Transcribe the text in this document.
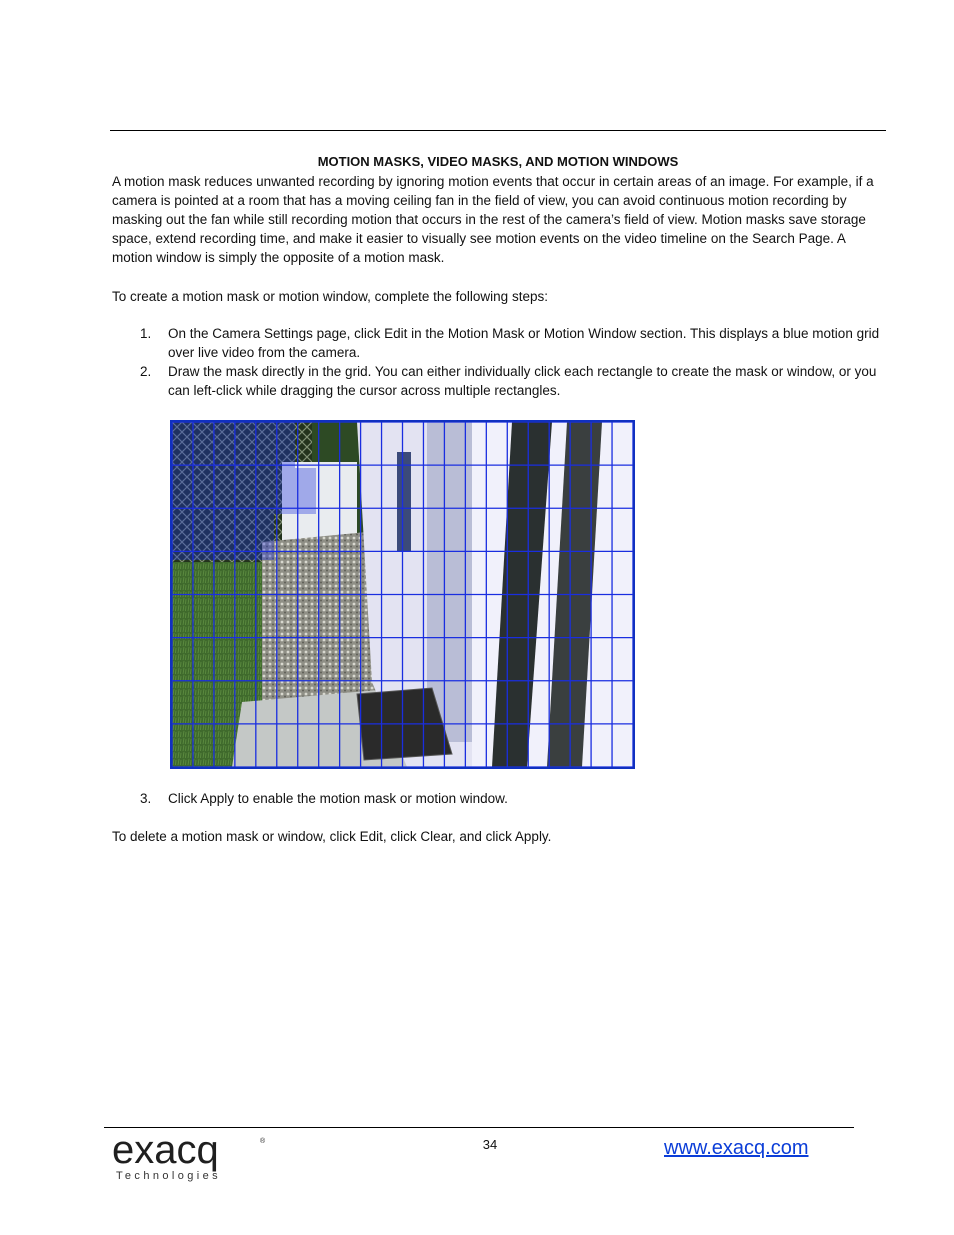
MOTION MASKS, VIDEO MASKS, AND MOTION WINDOWS

A motion mask reduces unwanted recording by ignoring motion events that occur in certain areas of an image. For example, if a camera is pointed at a room that has a moving ceiling fan in the field of view, you can avoid continuous motion recording by masking out the fan while still recording motion that occurs in the rest of the camera’s field of view. Motion masks save storage space, extend recording time, and make it easier to visually see motion events on the video timeline on the Search Page. A motion window is simply the opposite of a motion mask.

To create a motion mask or motion window, complete the following steps:

1. On the Camera Settings page, click Edit in the Motion Mask or Motion Window section. This displays a blue motion grid over live video from the camera.
2. Draw the mask directly in the grid. You can either individually click each rectangle to create the mask or window, or you can left-click while dragging the cursor across multiple rectangles.
3. Click Apply to enable the motion mask or motion window.

To delete a motion mask or window, click Edit, click Clear, and click Apply.

exacq	®
Technologies
34	www.exacq.com
